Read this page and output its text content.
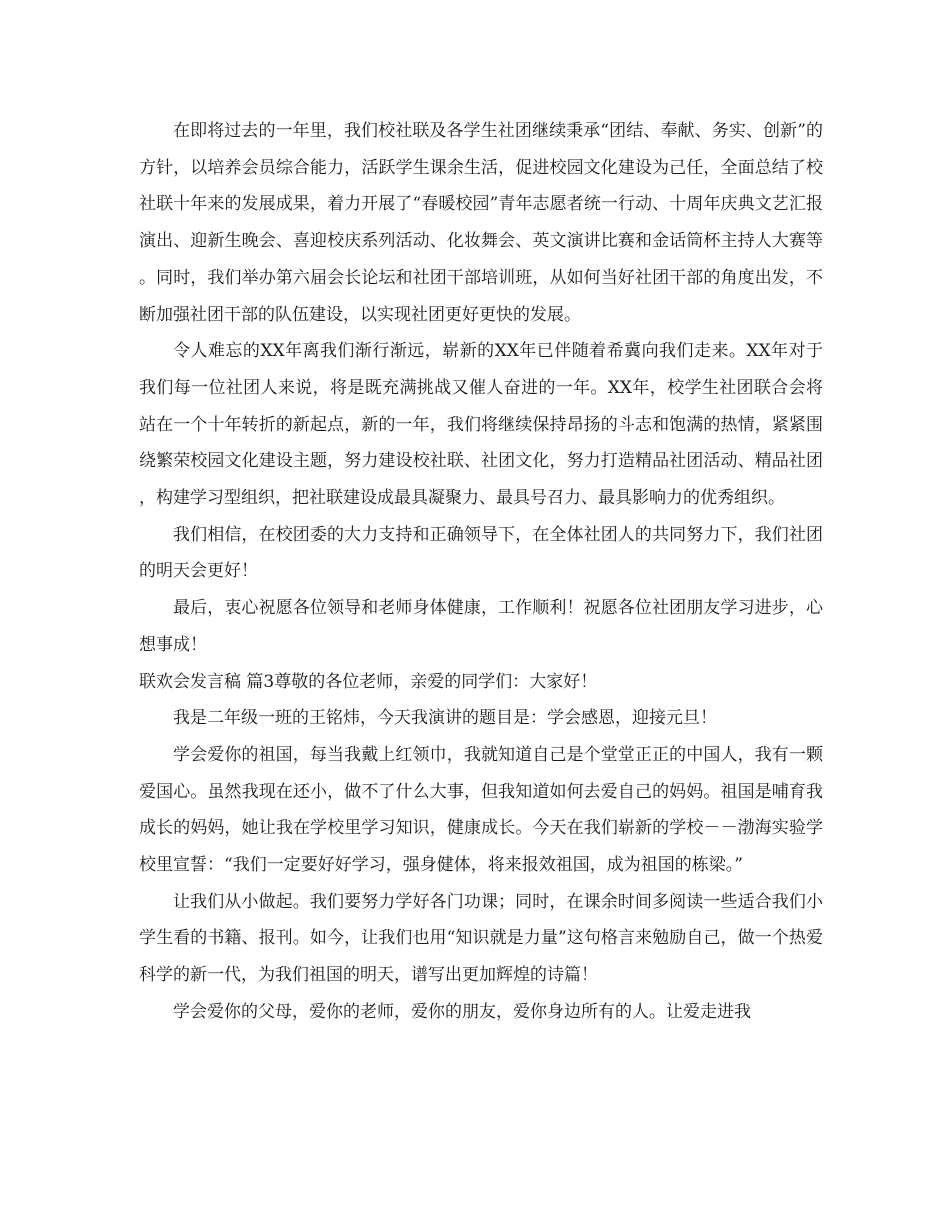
在即将过去的一年里，我们校社联及各学生社团继续秉承“团结、奉献、务实、创新”的方针，以培养会员综合能力，活跃学生课余生活，促进校园文化建设为己任，全面总结了校社联十年来的发展成果，着力开展了“春暖校园”青年志愿者统一行动、十周年庆典文艺汇报演出、迎新生晚会、喜迎校庆系列活动、化妆舞会、英文演讲比赛和金话筒杯主持人大赛等。同时，我们举办第六届会长论坛和社团干部培训班，从如何当好社团干部的角度出发，不断加强社团干部的队伍建设，以实现社团更好更快的发展。

令人难忘的XX年离我们渐行渐远，崭新的XX年已伴随着希冀向我们走来。XX年对于我们每一位社团人来说，将是既充满挑战又催人奋进的一年。XX年，校学生社团联合会将站在一个十年转折的新起点，新的一年，我们将继续保持昂扬的斗志和饱满的热情，紧紧围绕繁荣校园文化建设主题，努力建设校社联、社团文化，努力打造精品社团活动、精品社团，构建学习型组织，把社联建设成最具凝聚力、最具号召力、最具影响力的优秀组织。

我们相信，在校团委的大力支持和正确领导下，在全体社团人的共同努力下，我们社团的明天会更好！

最后，衷心祝愿各位领导和老师身体健康，工作顺利！祝愿各位社团朋友学习进步，心想事成！

联欢会发言稿 篇3尊敬的各位老师，亲爱的同学们：大家好！

我是二年级一班的王铭炜，今天我演讲的题目是：学会感恩，迎接元旦！

学会爱你的祖国，每当我戴上红领巾，我就知道自己是个堂堂正正的中国人，我有一颗爱国心。虽然我现在还小，做不了什么大事，但我知道如何去爱自己的妈妈。祖国是哺育我成长的妈妈，她让我在学校里学习知识，健康成长。今天在我们崭新的学校－－渤海实验学校里宣誓：“我们一定要好好学习，强身健体，将来报效祖国，成为祖国的栋梁。”

让我们从小做起。我们要努力学好各门功课；同时，在课余时间多阅读一些适合我们小学生看的书籍、报刊。如今，让我们也用“知识就是力量”这句格言来勉励自己，做一个热爱科学的新一代，为我们祖国的明天，谱写出更加辉煌的诗篇！

学会爱你的父母，爱你的老师，爱你的朋友，爱你身边所有的人。让爱走进我
